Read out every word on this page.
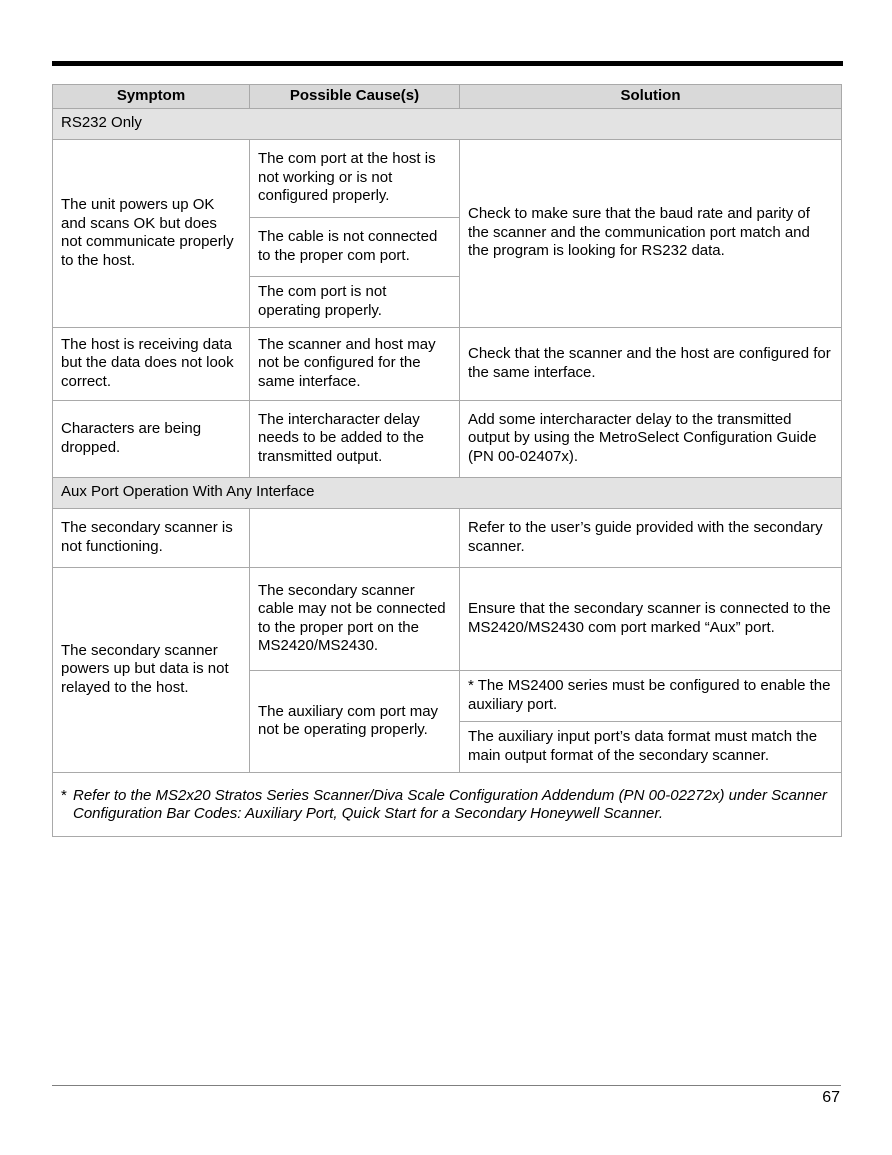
Symptom	Possible Cause(s)	Solution
RS232 Only		
The unit powers up OK and scans OK but does not communicate properly to the host.	The com port at the host is not working or is not configured properly.	Check to make sure that the baud rate and parity of the scanner and the communication port match and the program is looking for RS232 data.
	The cable is not connected to the proper com port.	
	The com port is not operating properly.	
The host is receiving data but the data does not look correct.	The scanner and host may not be configured for the same interface.	Check that the scanner and the host are configured for the same interface.
Characters are being dropped.	The intercharacter delay needs to be added to the transmitted output.	Add some intercharacter delay to the transmitted output by using the MetroSelect Configuration Guide (PN 00-02407x).
Aux Port Operation With Any Interface		
The secondary scanner is not functioning.		Refer to the user’s guide provided with the secondary scanner.
The secondary scanner powers up but data is not relayed to the host.	The secondary scanner cable may not be connected to the proper port on the MS2420/MS2430.	Ensure that the secondary scanner is connected to the MS2420/MS2430 com port marked “Aux” port.
	The auxiliary com port may not be operating properly.	* The MS2400 series must be configured to enable the auxiliary port.
		The auxiliary input port’s data format must match the main output format of the secondary scanner.

* Refer to the MS2x20 Stratos Series Scanner/Diva Scale Configuration Addendum (PN 00-02272x) under Scanner Configuration Bar Codes: Auxiliary Port, Quick Start for a Secondary Honeywell Scanner.		
67
